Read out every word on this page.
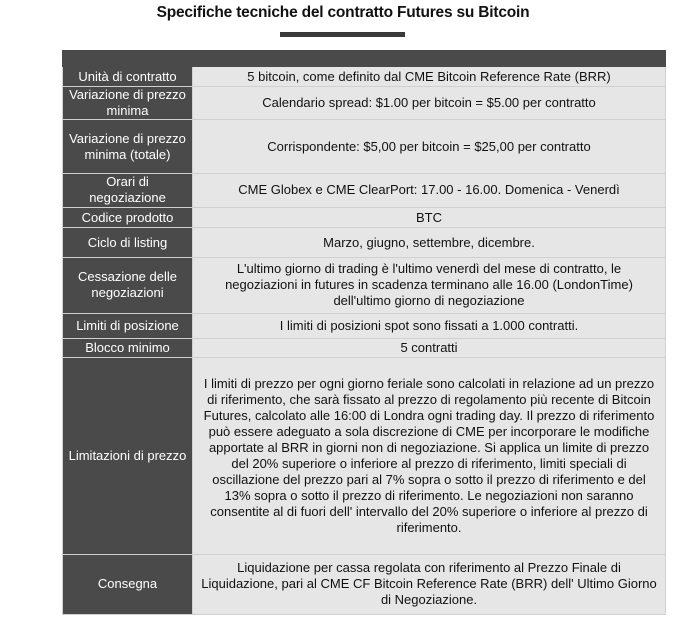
Specifiche tecniche del contratto Futures su Bitcoin

Unità di contratto	5 bitcoin, come definito dal CME Bitcoin Reference Rate (BRR)
Variazione di prezzo minima	Calendario spread: $1.00 per bitcoin = $5.00 per contratto
Variazione di prezzo minima (totale)	Corrispondente: $5,00 per bitcoin = $25,00 per contratto
Orari di negoziazione	CME Globex e CME ClearPort: 17.00 - 16.00. Domenica - Venerdì
Codice prodotto	BTC
Ciclo di listing	Marzo, giugno, settembre, dicembre.
Cessazione delle negoziazioni	L'ultimo giorno di trading è l'ultimo venerdì del mese di contratto, le negoziazioni in futures in scadenza terminano alle 16.00 (LondonTime) dell'ultimo giorno di negoziazione
Limiti di posizione	I limiti di posizioni spot sono fissati a 1.000 contratti.
Blocco minimo	5 contratti
Limitazioni di prezzo	I limiti di prezzo per ogni giorno feriale sono calcolati in relazione ad un prezzo di riferimento, che sarà fissato al prezzo di regolamento più recente di Bitcoin Futures, calcolato alle 16:00 di Londra ogni trading day. Il prezzo di riferimento può essere adeguato a sola discrezione di CME per incorporare le modifiche apportate al BRR in giorni non di negoziazione. Si applica un limite di prezzo del 20% superiore o inferiore al prezzo di riferimento, limiti speciali di oscillazione del prezzo pari al 7% sopra o sotto il prezzo di riferimento e del 13% sopra o sotto il prezzo di riferimento. Le negoziazioni non saranno consentite al di fuori dell' intervallo del 20% superiore o inferiore al prezzo di riferimento.
Consegna	Liquidazione per cassa regolata con riferimento al Prezzo Finale di Liquidazione, pari al CME CF Bitcoin Reference Rate (BRR) dell' Ultimo Giorno di Negoziazione.
